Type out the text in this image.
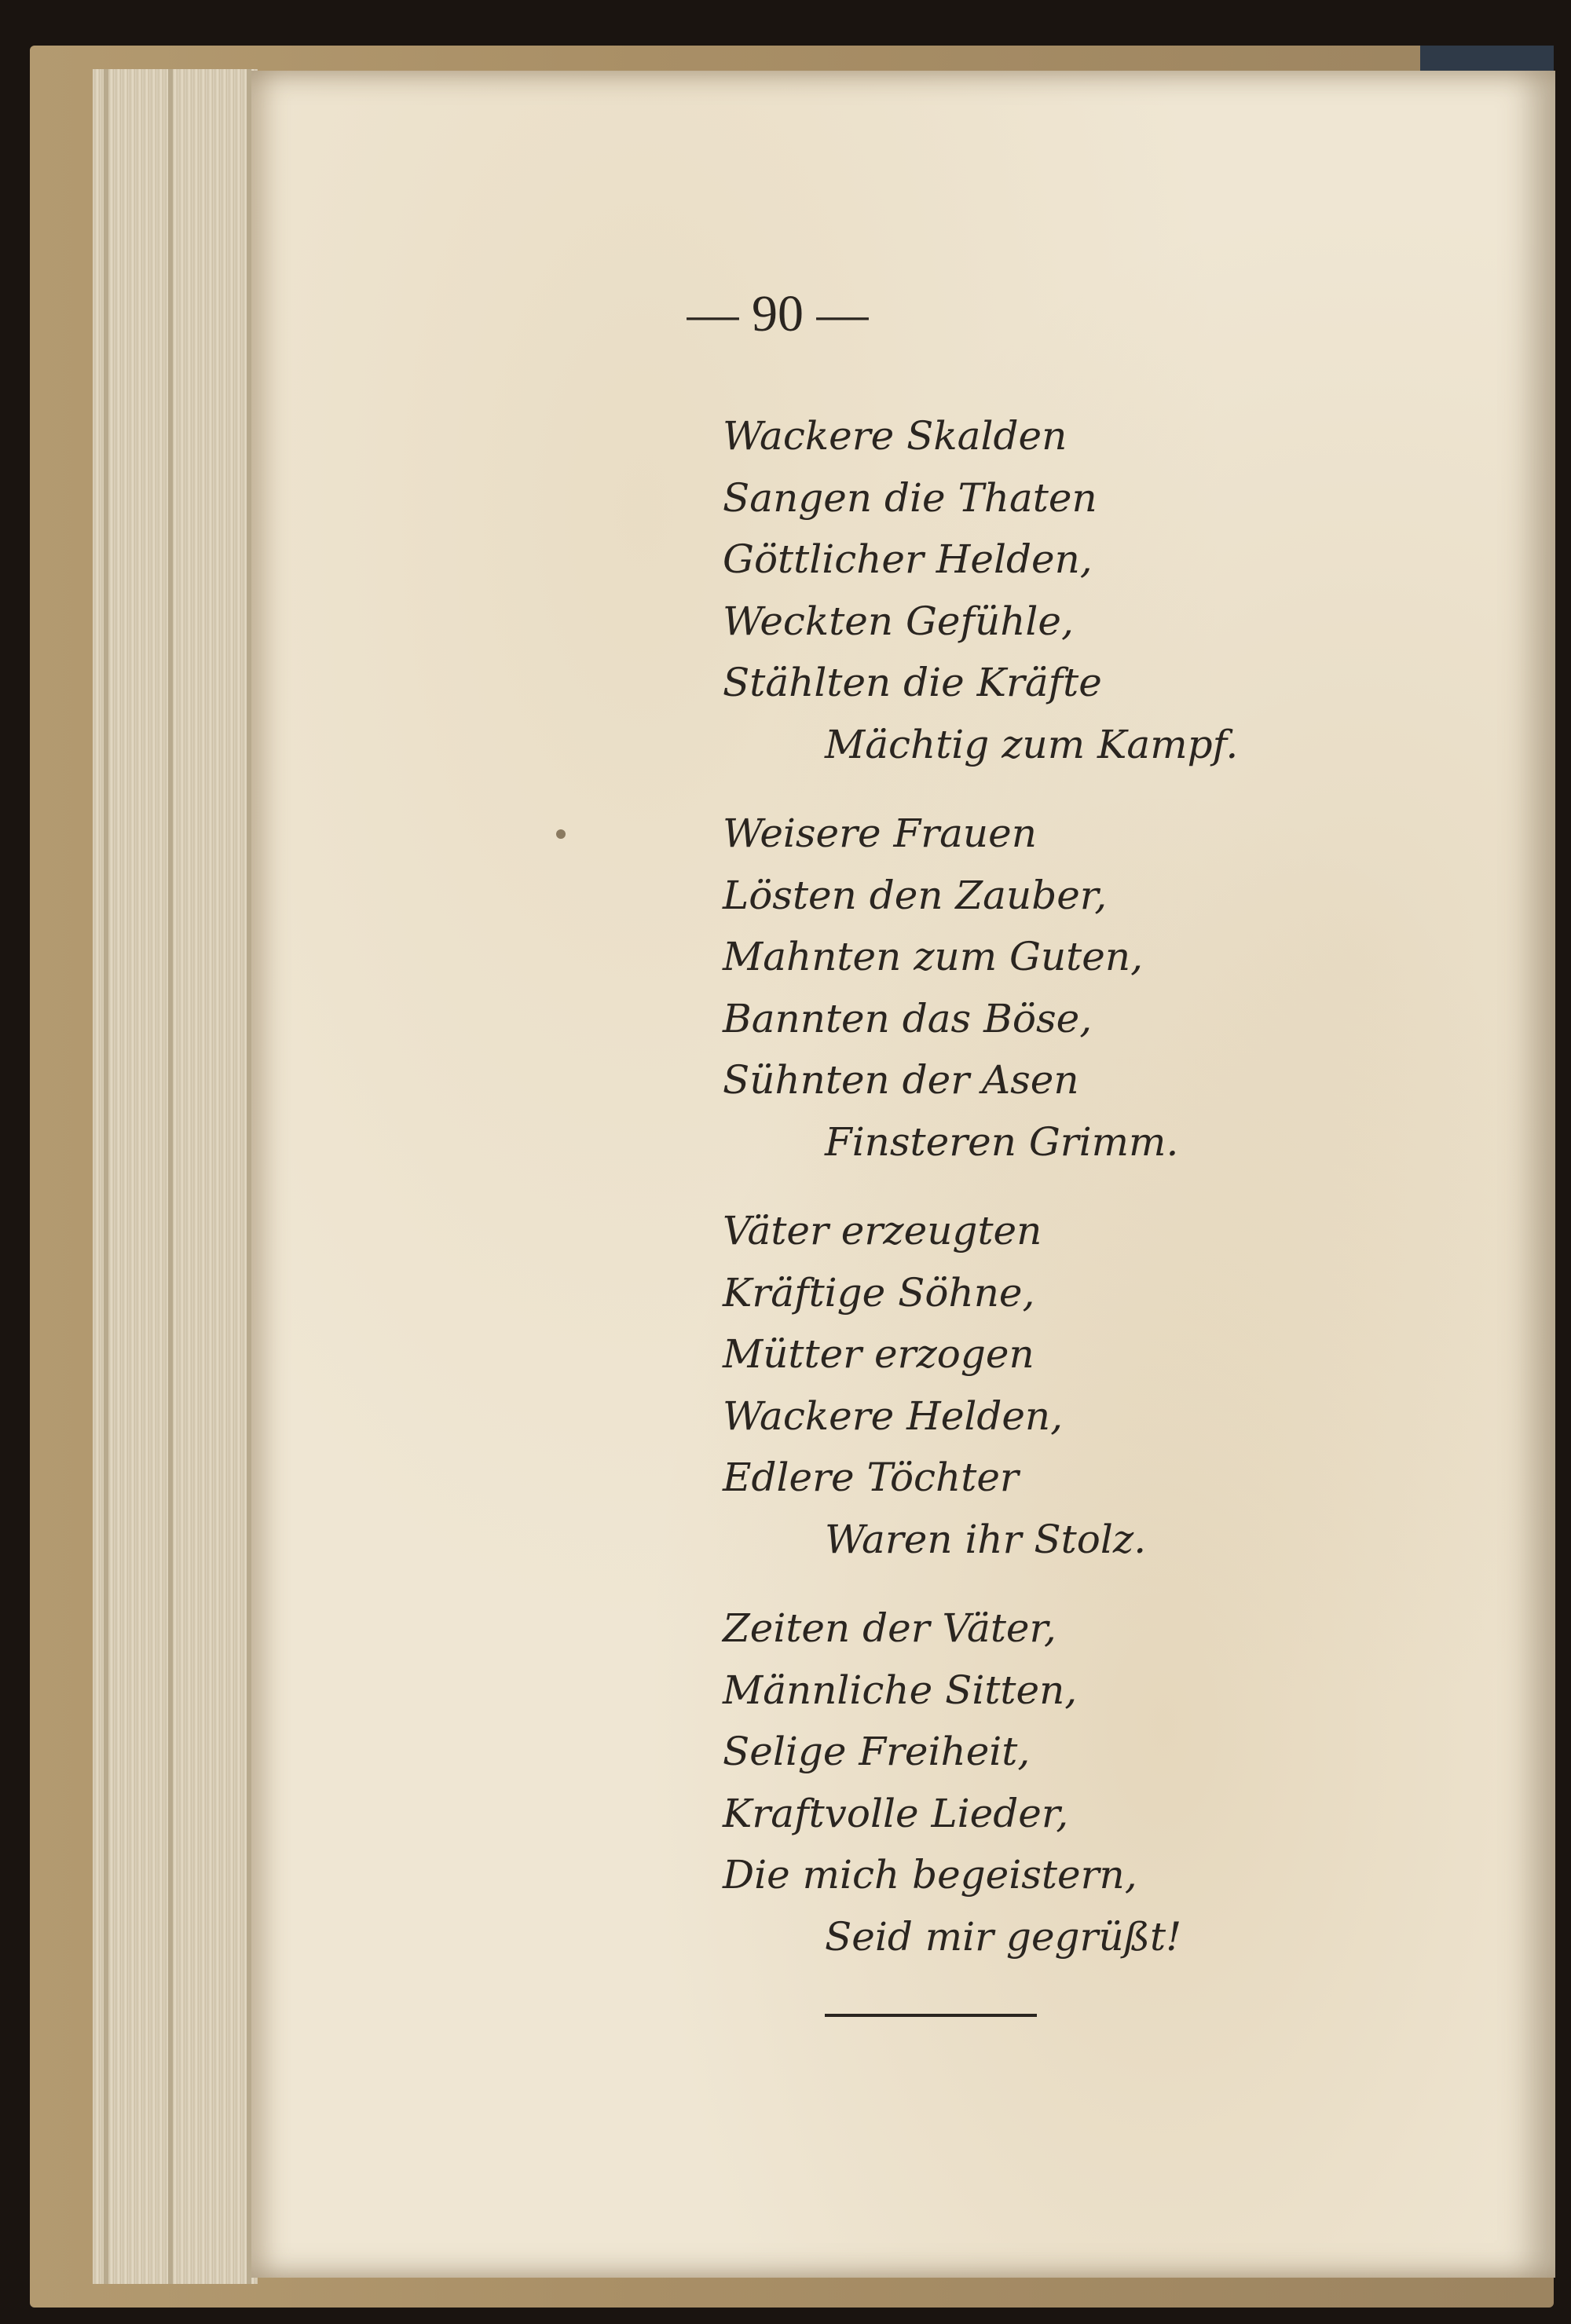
— 90 —
Wackere Skalden
Sangen die Thaten
Göttlicher Helden,
Weckten Gefühle,
Stählten die Kräfte
Mächtig zum Kampf.
Weisere Frauen
Lösten den Zauber,
Mahnten zum Guten,
Bannten das Böse,
Sühnten der Asen
Finsteren Grimm.
Väter erzeugten
Kräftige Söhne,
Mütter erzogen
Wackere Helden,
Edlere Töchter
Waren ihr Stolz.
Zeiten der Väter,
Männliche Sitten,
Selige Freiheit,
Kraftvolle Lieder,
Die mich begeistern,
Seid mir gegrüßt!
